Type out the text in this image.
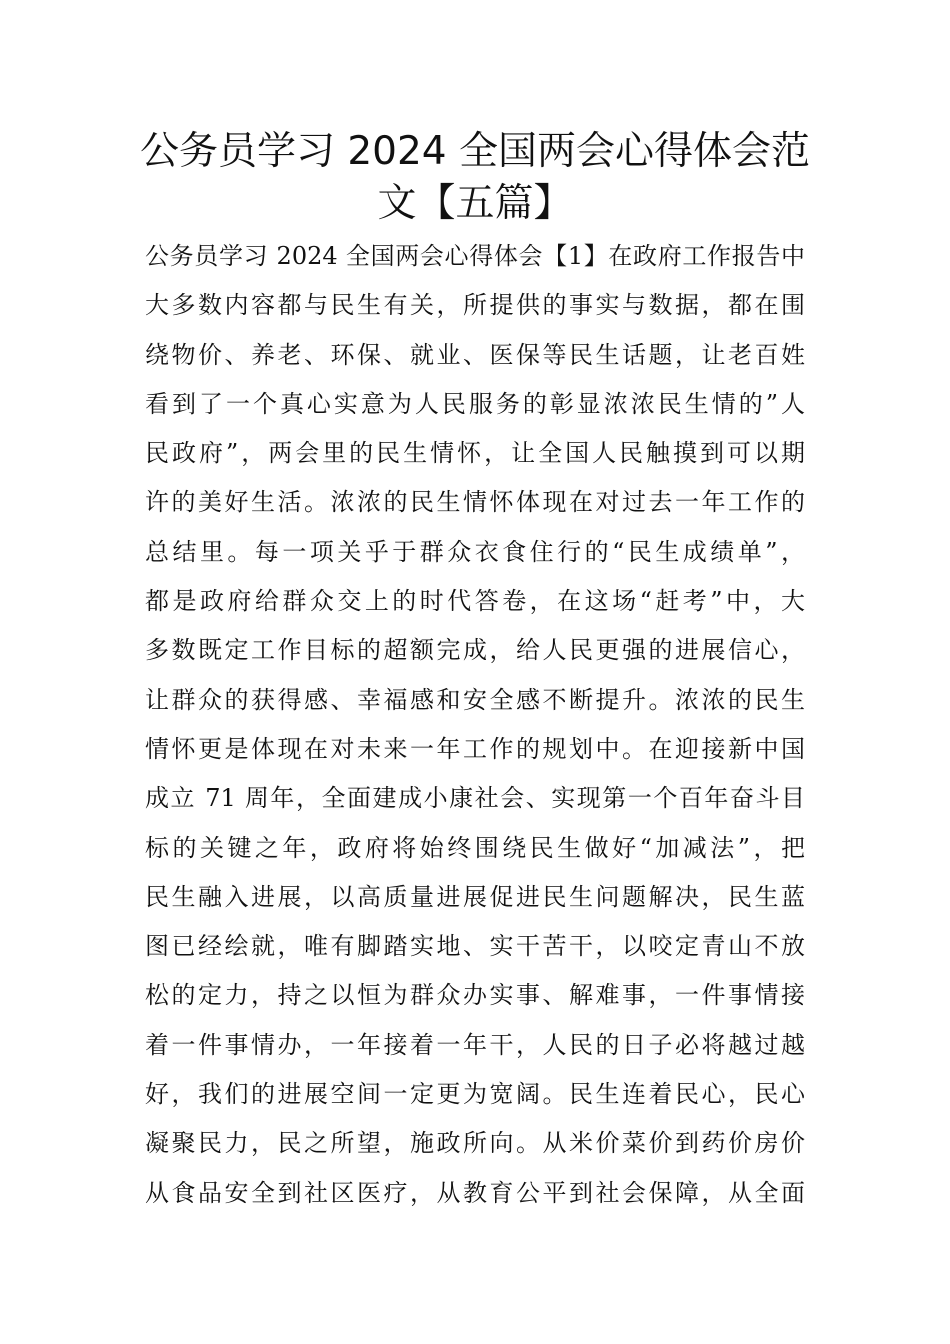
公务员学习 2024 全国两会心得体会范
文【五篇】
公务员学习 2024 全国两会心得体会【1】在政府工作报告中
大多数内容都与民生有关，所提供的事实与数据，都在围
绕物价、养老、环保、就业、医保等民生话题，让老百姓
看到了一个真心实意为人民服务的彰显浓浓民生情的”人
民政府”，两会里的民生情怀，让全国人民触摸到可以期
许的美好生活。浓浓的民生情怀体现在对过去一年工作的
总结里。每一项关乎于群众衣食住行的“民生成绩单”，
都是政府给群众交上的时代答卷，在这场“赶考”中，大
多数既定工作目标的超额完成，给人民更强的进展信心，
让群众的获得感、幸福感和安全感不断提升。浓浓的民生
情怀更是体现在对未来一年工作的规划中。在迎接新中国
成立 71 周年，全面建成小康社会、实现第一个百年奋斗目
标的关键之年，政府将始终围绕民生做好“加减法”，把
民生融入进展，以高质量进展促进民生问题解决，民生蓝
图已经绘就，唯有脚踏实地、实干苦干，以咬定青山不放
松的定力，持之以恒为群众办实事、解难事，一件事情接
着一件事情办，一年接着一年干，人民的日子必将越过越
好，我们的进展空间一定更为宽阔。民生连着民心，民心
凝聚民力，民之所望，施政所向。从米价菜价到药价房价
从食品安全到社区医疗，从教育公平到社会保障，从全面
